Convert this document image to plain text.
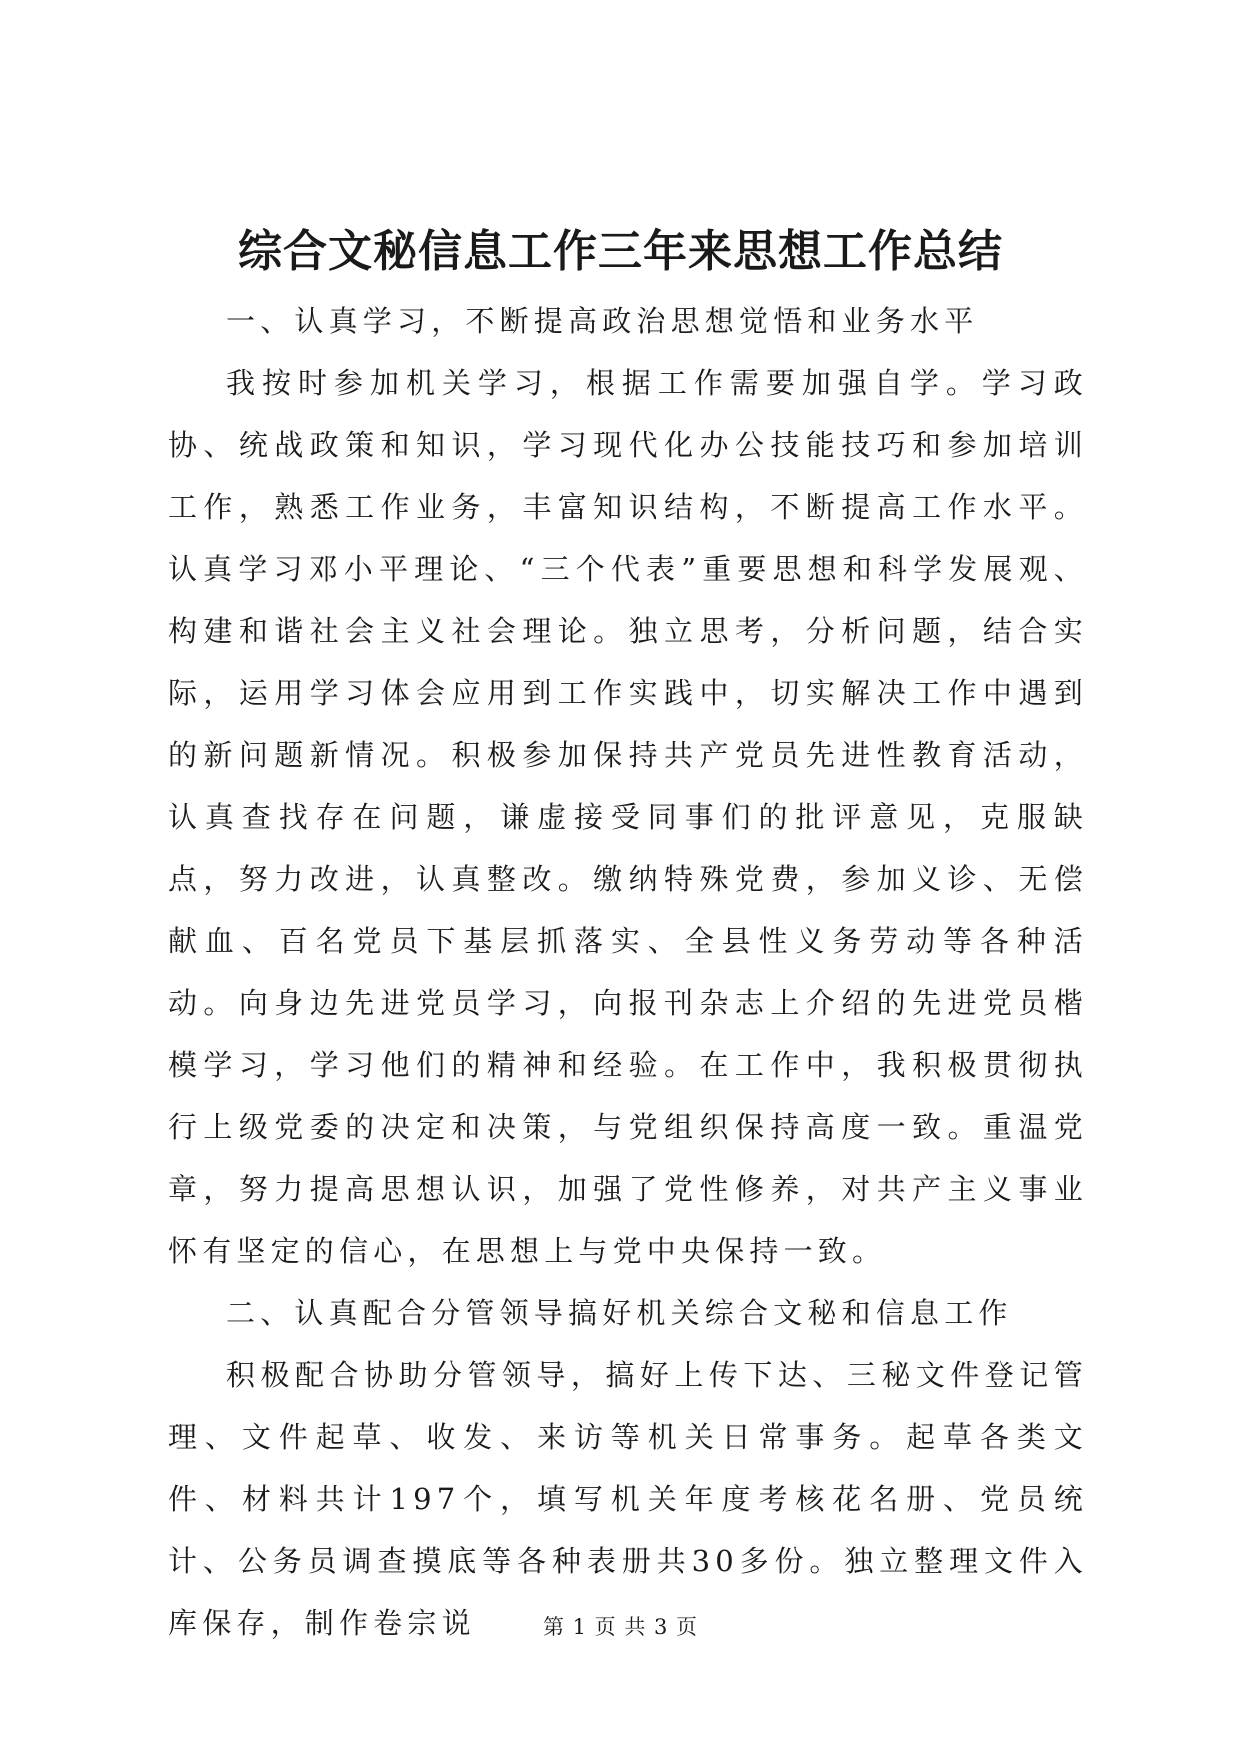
综合文秘信息工作三年来思想工作总结

一、认真学习，不断提高政治思想觉悟和业务水平

我按时参加机关学习，根据工作需要加强自学。学习政协、统战政策和知识，学习现代化办公技能技巧和参加培训工作，熟悉工作业务，丰富知识结构，不断提高工作水平。认真学习邓小平理论、“三个代表”重要思想和科学发展观、构建和谐社会主义社会理论。独立思考，分析问题，结合实际，运用学习体会应用到工作实践中，切实解决工作中遇到的新问题新情况。积极参加保持共产党员先进性教育活动，认真查找存在问题，谦虚接受同事们的批评意见，克服缺点，努力改进，认真整改。缴纳特殊党费，参加义诊、无偿献血、百名党员下基层抓落实、全县性义务劳动等各种活动。向身边先进党员学习，向报刊杂志上介绍的先进党员楷模学习，学习他们的精神和经验。在工作中，我积极贯彻执行上级党委的决定和决策，与党组织保持高度一致。重温党章，努力提高思想认识，加强了党性修养，对共产主义事业怀有坚定的信心，在思想上与党中央保持一致。

二、认真配合分管领导搞好机关综合文秘和信息工作

积极配合协助分管领导，搞好上传下达、三秘文件登记管理、文件起草、收发、来访等机关日常事务。起草各类文件、材料共计197个，填写机关年度考核花名册、党员统计、公务员调查摸底等各种表册共30多份。独立整理文件入库保存，制作卷宗说	第 1 页 共 3 页
